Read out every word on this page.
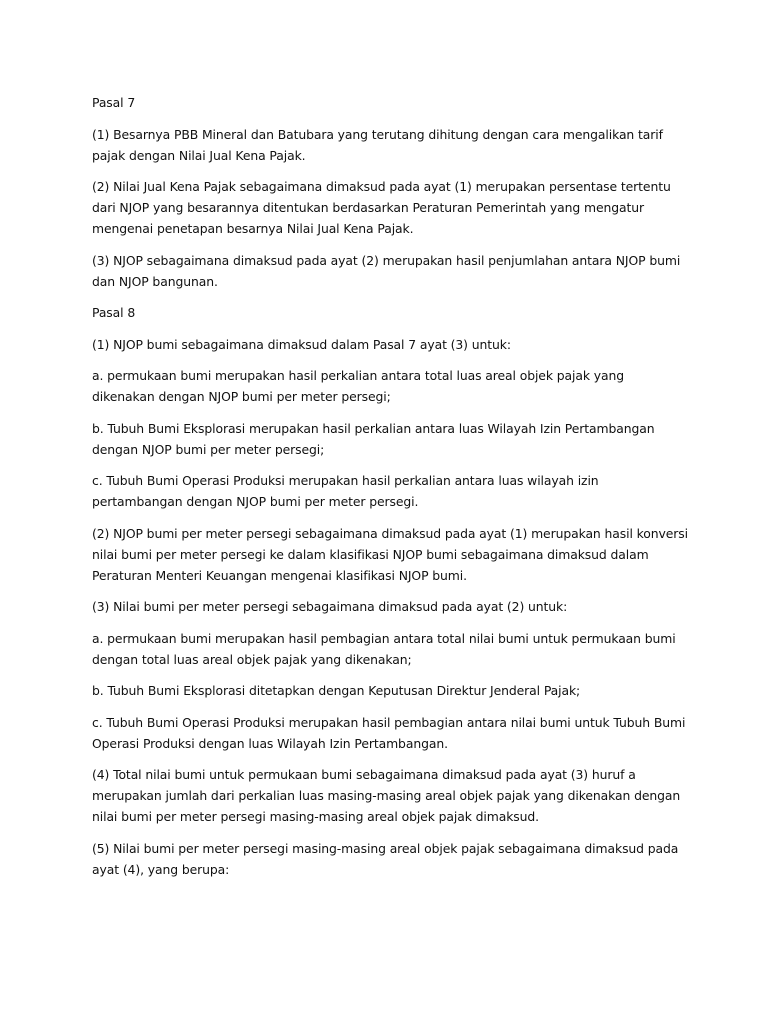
Pasal 7

(1) Besarnya PBB Mineral dan Batubara yang terutang dihitung dengan cara mengalikan tarif pajak dengan Nilai Jual Kena Pajak.

(2) Nilai Jual Kena Pajak sebagaimana dimaksud pada ayat (1) merupakan persentase tertentu dari NJOP yang besarannya ditentukan berdasarkan Peraturan Pemerintah yang mengatur mengenai penetapan besarnya Nilai Jual Kena Pajak.

(3) NJOP sebagaimana dimaksud pada ayat (2) merupakan hasil penjumlahan antara NJOP bumi dan NJOP bangunan.

Pasal 8

(1) NJOP bumi sebagaimana dimaksud dalam Pasal 7 ayat (3) untuk:

a. permukaan bumi merupakan hasil perkalian antara total luas areal objek pajak yang dikenakan dengan NJOP bumi per meter persegi;

b. Tubuh Bumi Eksplorasi merupakan hasil perkalian antara luas Wilayah Izin Pertambangan dengan NJOP bumi per meter persegi;

c. Tubuh Bumi Operasi Produksi merupakan hasil perkalian antara luas wilayah izin pertambangan dengan NJOP bumi per meter persegi.

(2) NJOP bumi per meter persegi sebagaimana dimaksud pada ayat (1) merupakan hasil konversi nilai bumi per meter persegi ke dalam klasifikasi NJOP bumi sebagaimana dimaksud dalam Peraturan Menteri Keuangan mengenai klasifikasi NJOP bumi.

(3) Nilai bumi per meter persegi sebagaimana dimaksud pada ayat (2) untuk:

a. permukaan bumi merupakan hasil pembagian antara total nilai bumi untuk permukaan bumi dengan total luas areal objek pajak yang dikenakan;

b. Tubuh Bumi Eksplorasi ditetapkan dengan Keputusan Direktur Jenderal Pajak;

c. Tubuh Bumi Operasi Produksi merupakan hasil pembagian antara nilai bumi untuk Tubuh Bumi Operasi Produksi dengan luas Wilayah Izin Pertambangan.

(4) Total nilai bumi untuk permukaan bumi sebagaimana dimaksud pada ayat (3) huruf a merupakan jumlah dari perkalian luas masing-masing areal objek pajak yang dikenakan dengan nilai bumi per meter persegi masing-masing areal objek pajak dimaksud.

(5) Nilai bumi per meter persegi masing-masing areal objek pajak sebagaimana dimaksud pada ayat (4), yang berupa:
